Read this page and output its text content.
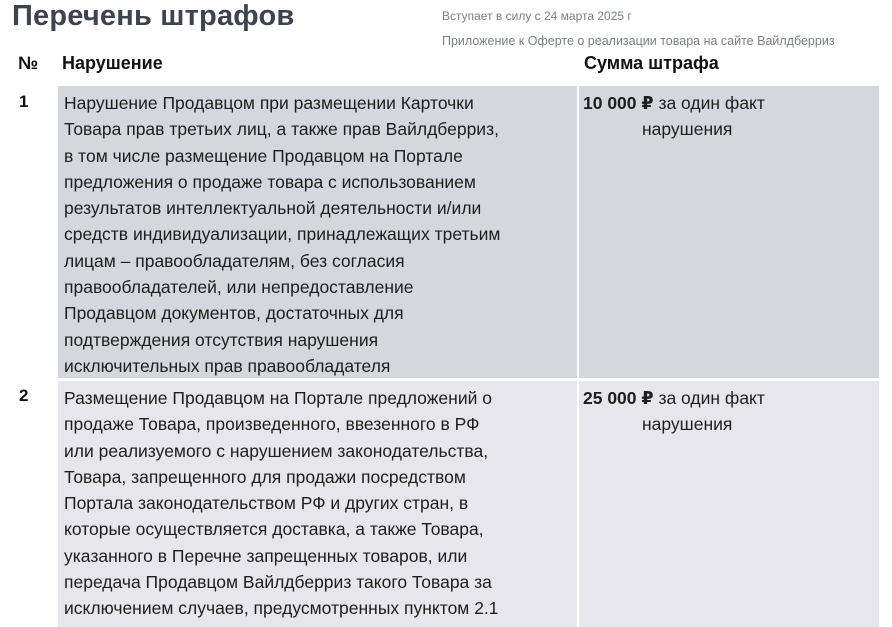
Перечень штрафов	Вступает в силу с 24 марта 2025 г
Приложение к Оферте о реализации товара на сайте Вайлдберриз
№ Нарушение	Сумма штрафа
1 Нарушение Продавцом при размещении Карточки
Товара прав третьих лиц, а также прав Вайлдберриз,
в том числе размещение Продавцом на Портале
предложения о продаже товара с использованием
результатов интеллектуальной деятельности и/или
средств индивидуализации, принадлежащих третьим
лицам – правообладателям, без согласия
правообладателей, или непредоставление
Продавцом документов, достаточных для
подтверждения отсутствия нарушения
исключительных прав правообладателя
10 000 ₽ за один факт
нарушения
2 Размещение Продавцом на Портале предложений о
продаже Товара, произведенного, ввезенного в РФ
или реализуемого с нарушением законодательства,
Товара, запрещенного для продажи посредством
Портала законодательством РФ и других стран, в
которые осуществляется доставка, а также Товара,
указанного в Перечне запрещенных товаров, или
передача Продавцом Вайлдберриз такого Товара за
исключением случаев, предусмотренных пунктом 2.1
25 000 ₽ за один факт
нарушения
